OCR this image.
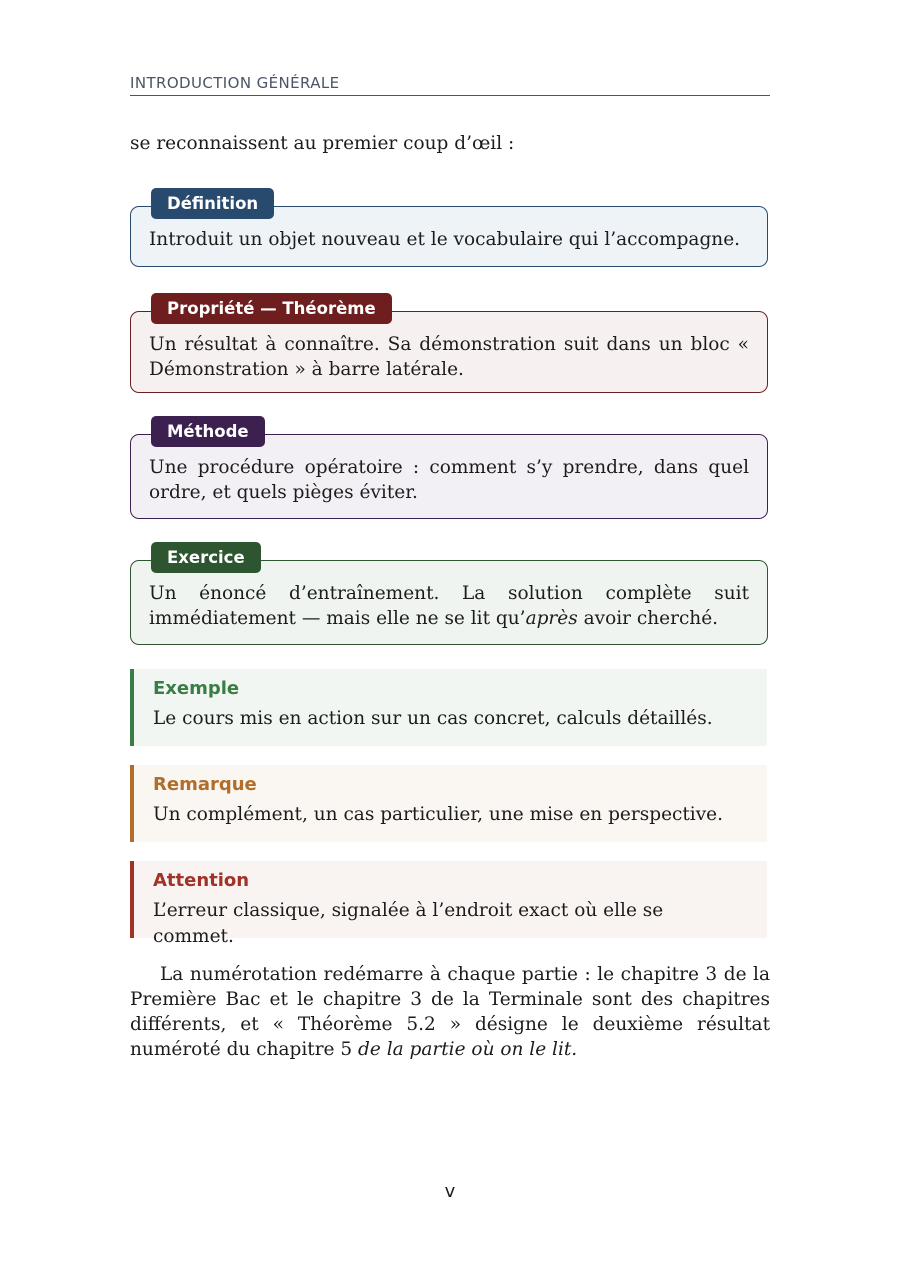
INTRODUCTION GÉNÉRALE
se reconnaissent au premier coup d’œil :
Définition
Introduit un objet nouveau et le vocabulaire qui l’accompagne.
Propriété — Théorème
Un résultat à connaître. Sa démonstration suit dans un bloc « Démonstration » à barre latérale.
Méthode
Une procédure opératoire : comment s’y prendre, dans quel ordre, et quels pièges éviter.
Exercice
Un énoncé d’entraînement. La solution complète suit immédiatement — mais elle ne se lit qu’après avoir cherché.
Exemple
Le cours mis en action sur un cas concret, calculs détaillés.
Remarque
Un complément, un cas particulier, une mise en perspective.
Attention
L’erreur classique, signalée à l’endroit exact où elle se commet.
La numérotation redémarre à chaque partie : le chapitre 3 de la Première Bac et le chapitre 3 de la Terminale sont des chapitres différents, et « Théorème 5.2 » désigne le deuxième résultat numéroté du chapitre 5 de la partie où on le lit.
v
